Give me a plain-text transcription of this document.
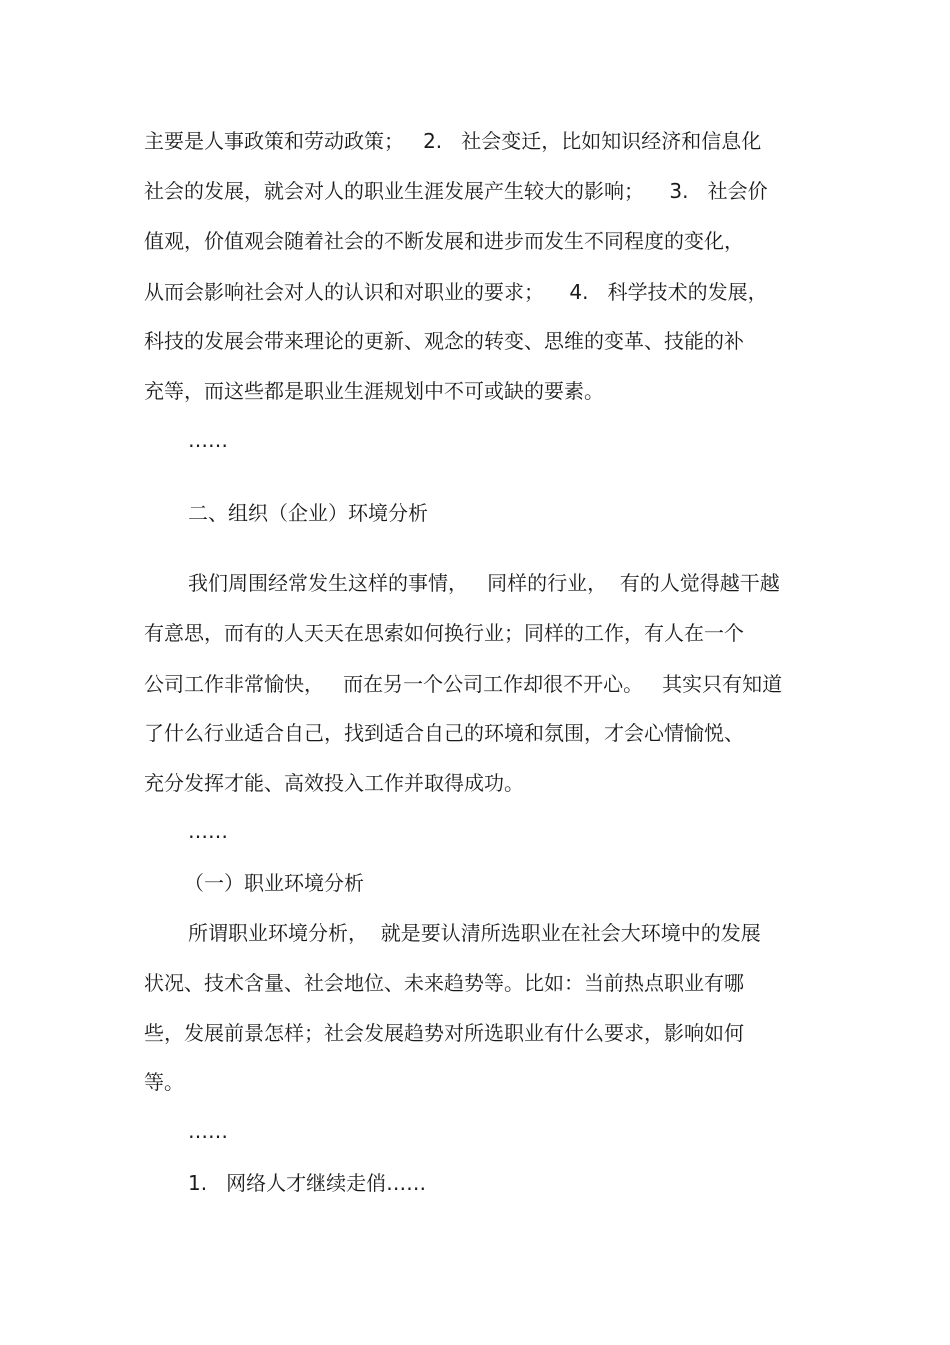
主要是人事政策和劳动政策；   2.   社会变迁，比如知识经济和信息化
社会的发展，就会对人的职业生涯发展产生较大的影响；    3.   社会价
值观，价值观会随着社会的不断发展和进步而发生不同程度的变化，
从而会影响社会对人的认识和对职业的要求；    4.   科学技术的发展，
科技的发展会带来理论的更新、观念的转变、思维的变革、技能的补
充等，而这些都是职业生涯规划中不可或缺的要素。
……
二、组织（企业）环境分析
我们周围经常发生这样的事情，   同样的行业，  有的人觉得越干越
有意思，而有的人天天在思索如何换行业；同样的工作，有人在一个
公司工作非常愉快，   而在另一个公司工作却很不开心。   其实只有知道
了什么行业适合自己，找到适合自己的环境和氛围，才会心情愉悦、
充分发挥才能、高效投入工作并取得成功。
……
（一）职业环境分析
所谓职业环境分析，  就是要认清所选职业在社会大环境中的发展
状况、技术含量、社会地位、未来趋势等。比如：当前热点职业有哪
些，发展前景怎样；社会发展趋势对所选职业有什么要求，影响如何
等。
……
1.   网络人才继续走俏……
